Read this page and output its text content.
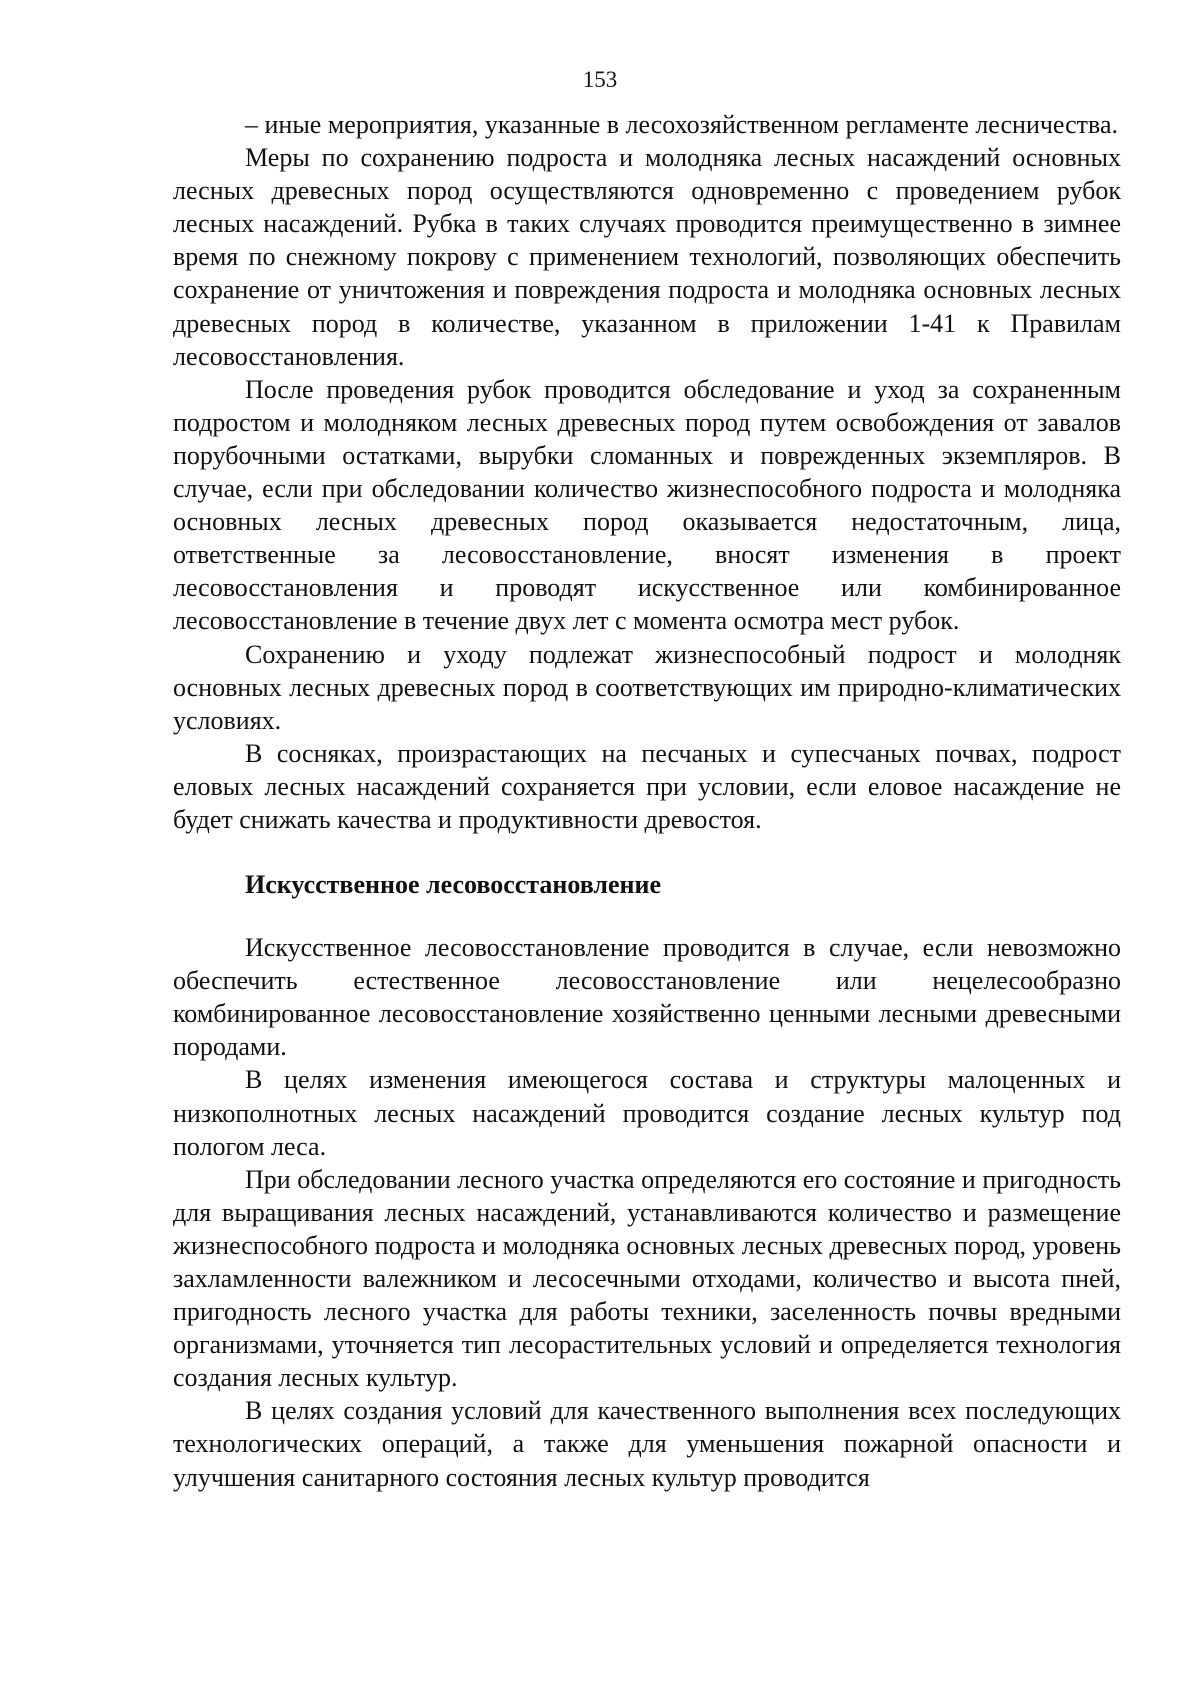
153

– иные мероприятия, указанные в лесохозяйственном регламенте лесничества.

Меры по сохранению подроста и молодняка лесных насаждений основных лесных древесных пород осуществляются одновременно с проведением рубок лесных насаждений. Рубка в таких случаях проводится преимущественно в зимнее время по снежному покрову с применением технологий, позволяющих обеспечить сохранение от уничтожения и повреждения подроста и молодняка основных лесных древесных пород в количестве, указанном в приложении 1-41 к Правилам лесовосстановления.

После проведения рубок проводится обследование и уход за сохраненным подростом и молодняком лесных древесных пород путем освобождения от завалов порубочными остатками, вырубки сломанных и поврежденных экземпляров. В случае, если при обследовании количество жизнеспособного подроста и молодняка основных лесных древесных пород оказывается недостаточным, лица, ответственные за лесовосстановление, вносят изменения в проект лесовосстановления и проводят искусственное или комбинированное лесовосстановление в течение двух лет с момента осмотра мест рубок.

Сохранению и уходу подлежат жизнеспособный подрост и молодняк основных лесных древесных пород в соответствующих им природно-климатических условиях.

В сосняках, произрастающих на песчаных и супесчаных почвах, подрост еловых лесных насаждений сохраняется при условии, если еловое насаждение не будет снижать качества и продуктивности древостоя.

Искусственное лесовосстановление

Искусственное лесовосстановление проводится в случае, если невозможно обеспечить естественное лесовосстановление или нецелесообразно комбинированное лесовосстановление хозяйственно ценными лесными древесными породами.

В целях изменения имеющегося состава и структуры малоценных и низкополнотных лесных насаждений проводится создание лесных культур под пологом леса.

При обследовании лесного участка определяются его состояние и пригодность для выращивания лесных насаждений, устанавливаются количество и размещение жизнеспособного подроста и молодняка основных лесных древесных пород, уровень захламленности валежником и лесосечными отходами, количество и высота пней, пригодность лесного участка для работы техники, заселенность почвы вредными организмами, уточняется тип лесорастительных условий и определяется технология создания лесных культур.

В целях создания условий для качественного выполнения всех последующих технологических операций, а также для уменьшения пожарной опасности и улучшения санитарного состояния лесных культур проводится
